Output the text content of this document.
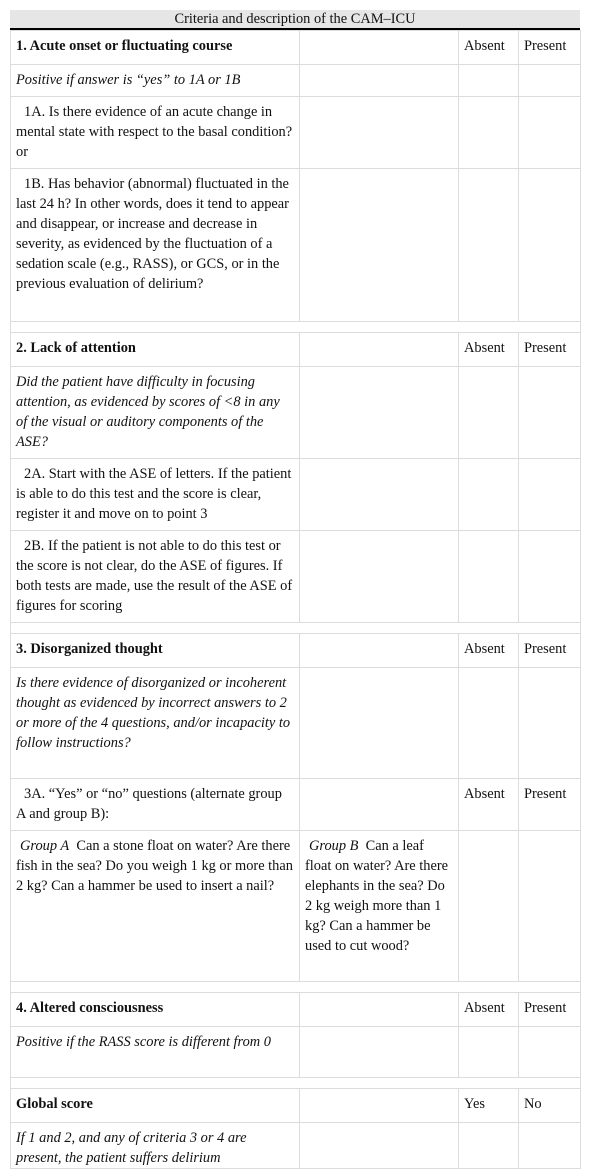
Criteria and description of the CAM–ICU
1. Acute onset or fluctuating course		Absent	Present
Positive if answer is “yes” to 1A or 1B			
1A. Is there evidence of an acute change in mental state with respect to the basal condition? or			
1B. Has behavior (abnormal) fluctuated in the last 24 h? In other words, does it tend to appear and disappear, or increase and decrease in severity, as evidenced by the fluctuation of a sedation scale (e.g., RASS), or GCS, or in the previous evaluation of delirium?			

2. Lack of attention		Absent	Present
Did the patient have difficulty in focusing attention, as evidenced by scores of <8 in any of the visual or auditory components of the ASE?			
2A. Start with the ASE of letters. If the patient is able to do this test and the score is clear, register it and move on to point 3			
2B. If the patient is not able to do this test or the score is not clear, do the ASE of figures. If both tests are made, use the result of the ASE of figures for scoring			

3. Disorganized thought		Absent	Present
Is there evidence of disorganized or incoherent thought as evidenced by incorrect answers to 2 or more of the 4 questions, and/or incapacity to follow instructions?			
3A. “Yes” or “no” questions (alternate group A and group B):		Absent	Present
Group A Can a stone float on water? Are there fish in the sea? Do you weigh 1 kg or more than 2 kg? Can a hammer be used to insert a nail?	Group B Can a leaf float on water? Are there elephants in the sea? Do 2 kg weigh more than 1 kg? Can a hammer be used to cut wood?		

4. Altered consciousness		Absent	Present
Positive if the RASS score is different from 0			

Global score		Yes	No
If 1 and 2, and any of criteria 3 or 4 are present, the patient suffers delirium			
